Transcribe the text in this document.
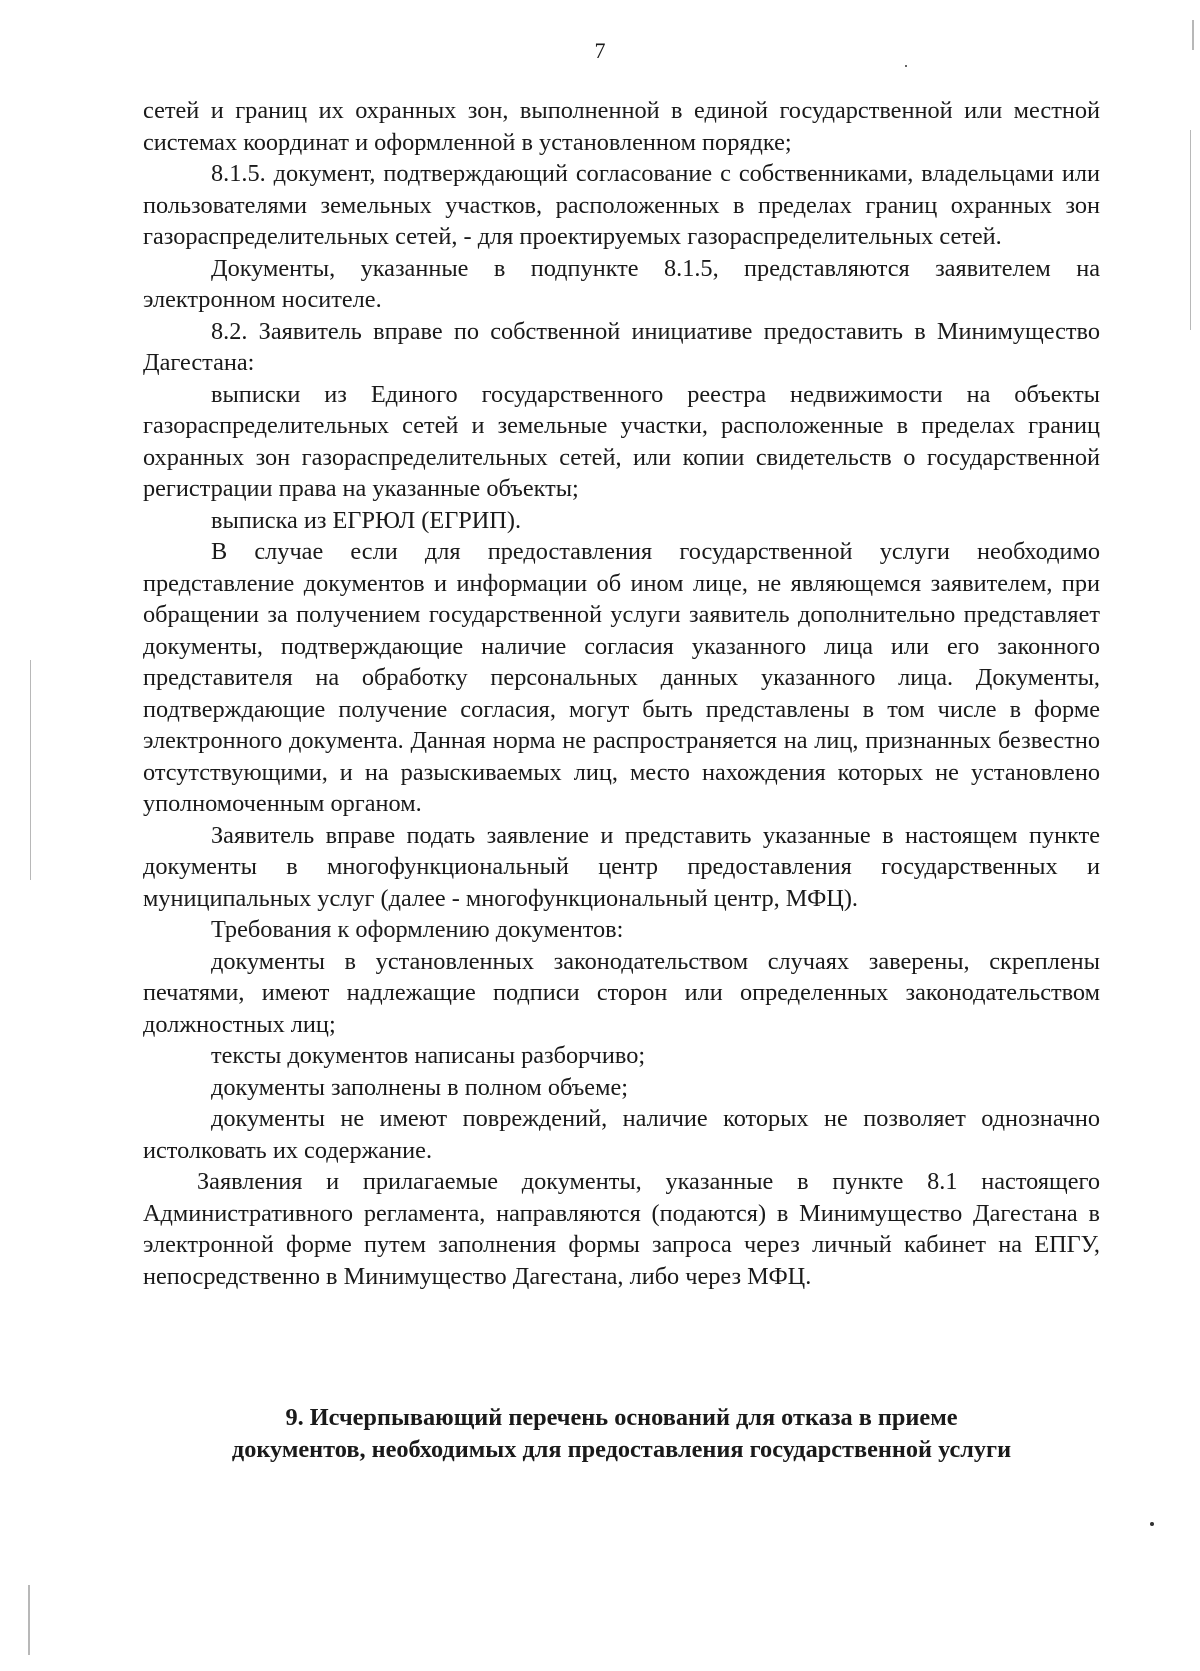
7

сетей и границ их охранных зон, выполненной в единой государственной или местной системах координат и оформленной в установленном порядке;

8.1.5. документ, подтверждающий согласование с собственниками, владельцами или пользователями земельных участков, расположенных в пределах границ охранных зон газораспределительных сетей, - для проектируемых газораспределительных сетей.

Документы, указанные в подпункте 8.1.5, представляются заявителем на электронном носителе.

8.2. Заявитель вправе по собственной инициативе предоставить в Минимущество Дагестана:

выписки из Единого государственного реестра недвижимости на объекты газораспределительных сетей и земельные участки, расположенные в пределах границ охранных зон газораспределительных сетей, или копии свидетельств о государственной регистрации права на указанные объекты;

выписка из ЕГРЮЛ (ЕГРИП).

В случае если для предоставления государственной услуги необходимо представление документов и информации об ином лице, не являющемся заявителем, при обращении за получением государственной услуги заявитель дополнительно представляет документы, подтверждающие наличие согласия указанного лица или его законного представителя на обработку персональных данных указанного лица. Документы, подтверждающие получение согласия, могут быть представлены в том числе в форме электронного документа. Данная норма не распространяется на лиц, признанных безвестно отсутствующими, и на разыскиваемых лиц, место нахождения которых не установлено уполномоченным органом.

Заявитель вправе подать заявление и представить указанные в настоящем пункте документы в многофункциональный центр предоставления государственных и муниципальных услуг (далее - многофункциональный центр, МФЦ).

Требования к оформлению документов:

документы в установленных законодательством случаях заверены, скреплены печатями, имеют надлежащие подписи сторон или определенных законодательством должностных лиц;

тексты документов написаны разборчиво;

документы заполнены в полном объеме;

документы не имеют повреждений, наличие которых не позволяет однозначно истолковать их содержание.

Заявления и прилагаемые документы, указанные в пункте 8.1 настоящего Административного регламента, направляются (подаются) в Минимущество Дагестана в электронной форме путем заполнения формы запроса через личный кабинет на ЕПГУ, непосредственно в Минимущество Дагестана, либо через МФЦ.

9. Исчерпывающий перечень оснований для отказа в приеме
документов, необходимых для предоставления государственной услуги
